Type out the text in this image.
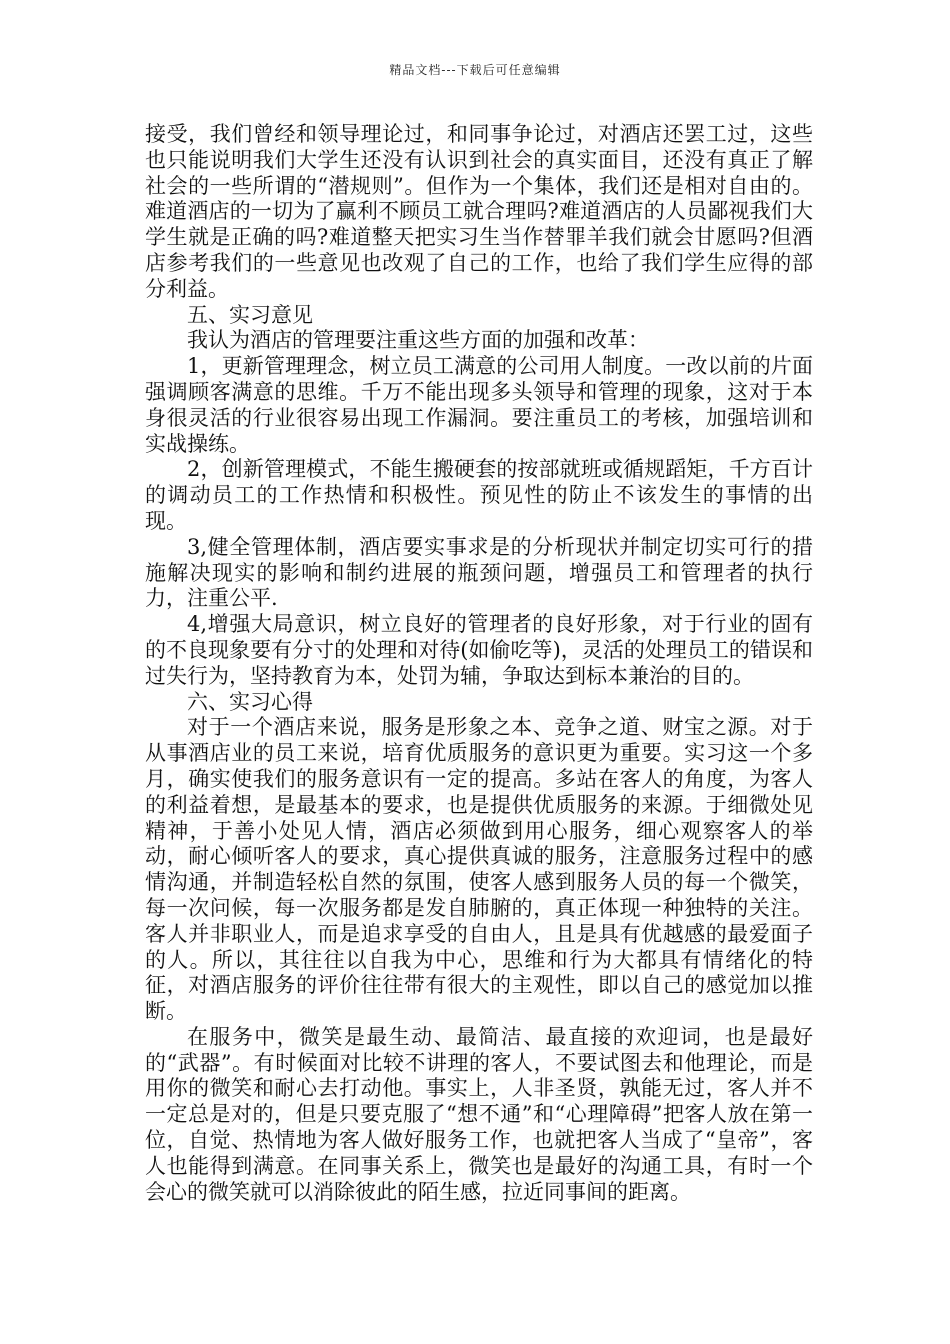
精品文档---下载后可任意编辑

接受，我们曾经和领导理论过，和同事争论过，对酒店还罢工过，这些也只能说明我们大学生还没有认识到社会的真实面目，还没有真正了解社会的一些所谓的“潜规则”。但作为一个集体，我们还是相对自由的。难道酒店的一切为了赢利不顾员工就合理吗?难道酒店的人员鄙视我们大学生就是正确的吗?难道整天把实习生当作替罪羊我们就会甘愿吗?但酒店参考我们的一些意见也改观了自己的工作，也给了我们学生应得的部分利益。

五、实习意见

我认为酒店的管理要注重这些方面的加强和改革：

1，更新管理理念，树立员工满意的公司用人制度。一改以前的片面强调顾客满意的思维。千万不能出现多头领导和管理的现象，这对于本身很灵活的行业很容易出现工作漏洞。要注重员工的考核，加强培训和实战操练。

2，创新管理模式，不能生搬硬套的按部就班或循规蹈矩，千方百计的调动员工的工作热情和积极性。预见性的防止不该发生的事情的出现。

3,健全管理体制，酒店要实事求是的分析现状并制定切实可行的措施解决现实的影响和制约进展的瓶颈问题，增强员工和管理者的执行力，注重公平.

4,增强大局意识，树立良好的管理者的良好形象，对于行业的固有的不良现象要有分寸的处理和对待(如偷吃等)，灵活的处理员工的错误和过失行为，坚持教育为本，处罚为辅，争取达到标本兼治的目的。

六、实习心得

对于一个酒店来说，服务是形象之本、竞争之道、财宝之源。对于从事酒店业的员工来说，培育优质服务的意识更为重要。实习这一个多月，确实使我们的服务意识有一定的提高。多站在客人的角度，为客人的利益着想，是最基本的要求，也是提供优质服务的来源。于细微处见精神，于善小处见人情，酒店必须做到用心服务，细心观察客人的举动，耐心倾听客人的要求，真心提供真诚的服务，注意服务过程中的感情沟通，并制造轻松自然的氛围，使客人感到服务人员的每一个微笑，每一次问候，每一次服务都是发自肺腑的，真正体现一种独特的关注。客人并非职业人，而是追求享受的自由人，且是具有优越感的最爱面子的人。所以，其往往以自我为中心，思维和行为大都具有情绪化的特征，对酒店服务的评价往往带有很大的主观性，即以自己的感觉加以推断。

在服务中，微笑是最生动、最简洁、最直接的欢迎词，也是最好的“武器”。有时候面对比较不讲理的客人，不要试图去和他理论，而是用你的微笑和耐心去打动他。事实上，人非圣贤，孰能无过，客人并不一定总是对的，但是只要克服了“想不通”和“心理障碍”把客人放在第一位，自觉、热情地为客人做好服务工作，也就把客人当成了“皇帝”，客人也能得到满意。在同事关系上，微笑也是最好的沟通工具，有时一个会心的微笑就可以消除彼此的陌生感，拉近同事间的距离。
